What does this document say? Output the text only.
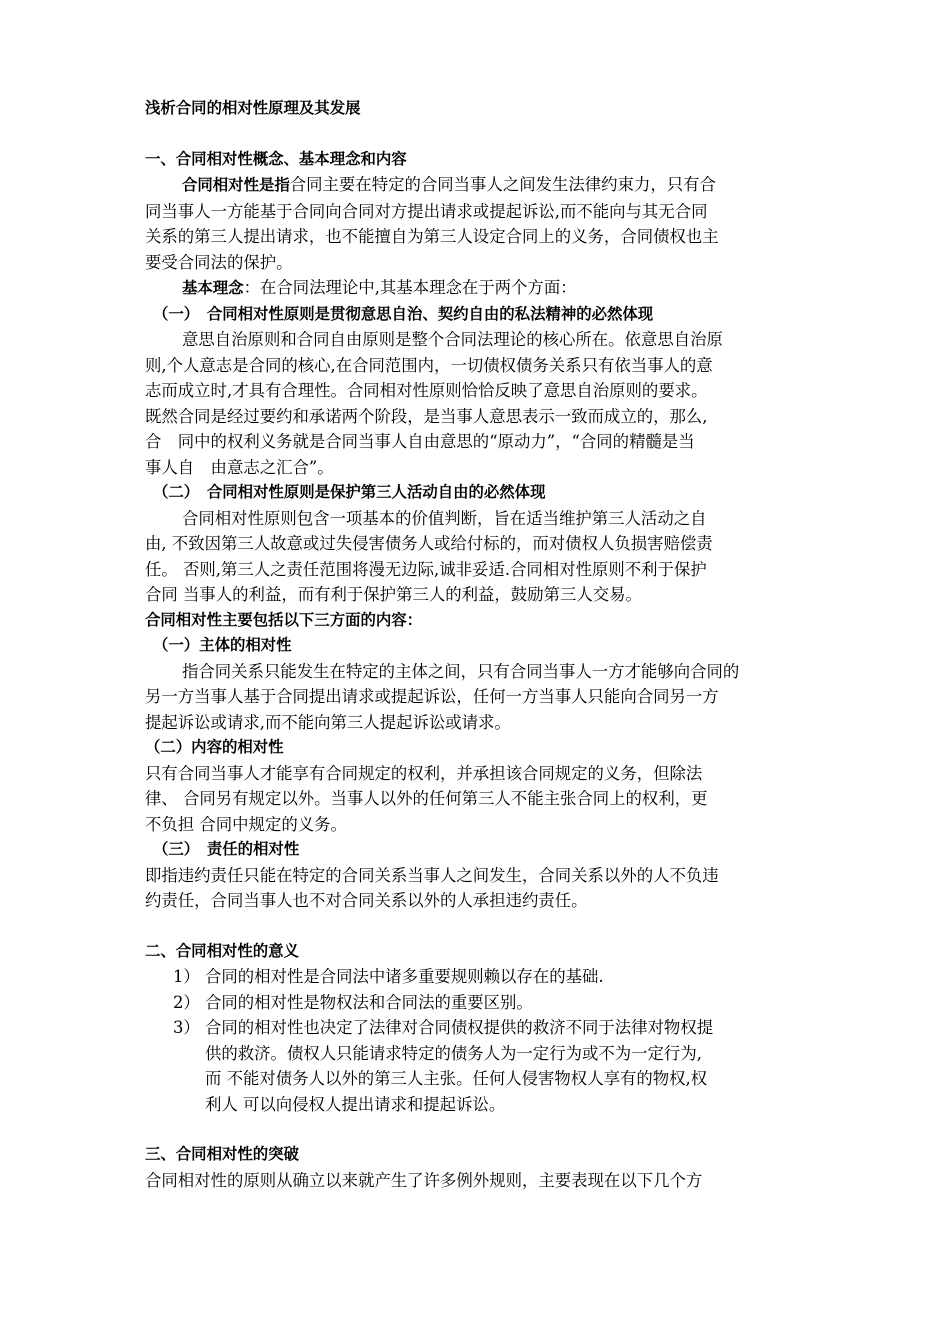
浅析合同的相对性原理及其发展
一、合同相对性概念、基本理念和内容
合同相对性是指合同主要在特定的合同当事人之间发生法律约束力，只有合
同当事人一方能基于合同向合同对方提出请求或提起诉讼,而不能向与其无合同
关系的第三人提出请求，也不能擅自为第三人设定合同上的义务，合同债权也主
要受合同法的保护。
基本理念：在合同法理论中,其基本理念在于两个方面：
（一）　合同相对性原则是贯彻意思自治、契约自由的私法精神的必然体现
意思自治原则和合同自由原则是整个合同法理论的核心所在。依意思自治原
则,个人意志是合同的核心,在合同范围内，一切债权债务关系只有依当事人的意
志而成立时,才具有合理性。合同相对性原则恰恰反映了意思自治原则的要求。
既然合同是经过要约和承诺两个阶段，是当事人意思表示一致而成立的，那么,
合　同中的权利义务就是合同当事人自由意思的“原动力”，“合同的精髓是当
事人自　由意志之汇合”。
（二）　合同相对性原则是保护第三人活动自由的必然体现
合同相对性原则包含一项基本的价值判断，旨在适当维护第三人活动之自
由, 不致因第三人故意或过失侵害债务人或给付标的，而对债权人负损害赔偿责
任。 否则,第三人之责任范围将漫无边际,诚非妥适.合同相对性原则不利于保护
合同 当事人的利益，而有利于保护第三人的利益，鼓励第三人交易。
合同相对性主要包括以下三方面的内容：
（一）主体的相对性
指合同关系只能发生在特定的主体之间，只有合同当事人一方才能够向合同的
另一方当事人基于合同提出请求或提起诉讼，任何一方当事人只能向合同另一方
提起诉讼或请求,而不能向第三人提起诉讼或请求。
（二）内容的相对性
只有合同当事人才能享有合同规定的权利，并承担该合同规定的义务，但除法
律、 合同另有规定以外。当事人以外的任何第三人不能主张合同上的权利，更
不负担 合同中规定的义务。
（三）　责任的相对性
即指违约责任只能在特定的合同关系当事人之间发生，合同关系以外的人不负违
约责任，合同当事人也不对合同关系以外的人承担违约责任。
二、合同相对性的意义
1） 合同的相对性是合同法中诸多重要规则赖以存在的基础.
2） 合同的相对性是物权法和合同法的重要区别。
3） 合同的相对性也决定了法律对合同债权提供的救济不同于法律对物权提
供的救济。债权人只能请求特定的债务人为一定行为或不为一定行为,
而 不能对债务人以外的第三人主张。任何人侵害物权人享有的物权,权
利人 可以向侵权人提出请求和提起诉讼。
三、合同相对性的突破
合同相对性的原则从确立以来就产生了许多例外规则，主要表现在以下几个方
